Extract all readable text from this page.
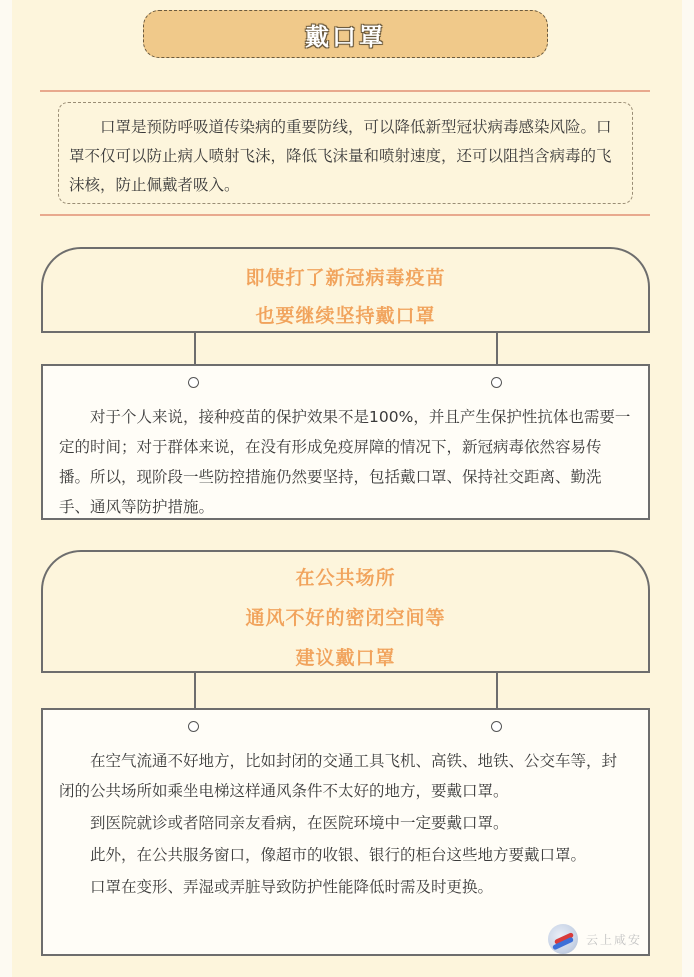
戴口罩
口罩是预防呼吸道传染病的重要防线，可以降低新型冠状病毒感染风险。口罩不仅可以防止病人喷射飞沫，降低飞沫量和喷射速度，还可以阻挡含病毒的飞沫核，防止佩戴者吸入。
即使打了新冠病毒疫苗
也要继续坚持戴口罩

对于个人来说，接种疫苗的保护效果不是100%，并且产生保护性抗体也需要一定的时间；对于群体来说，在没有形成免疫屏障的情况下，新冠病毒依然容易传播。所以，现阶段一些防控措施仍然要坚持，包括戴口罩、保持社交距离、勤洗手、通风等防护措施。

在公共场所
通风不好的密闭空间等
建议戴口罩

在空气流通不好地方，比如封闭的交通工具飞机、高铁、地铁、公交车等，封闭的公共场所如乘坐电梯这样通风条件不太好的地方，要戴口罩。

到医院就诊或者陪同亲友看病，在医院环境中一定要戴口罩。

此外，在公共服务窗口，像超市的收银、银行的柜台这些地方要戴口罩。

口罩在变形、弄湿或弄脏导致防护性能降低时需及时更换。

云上咸安
